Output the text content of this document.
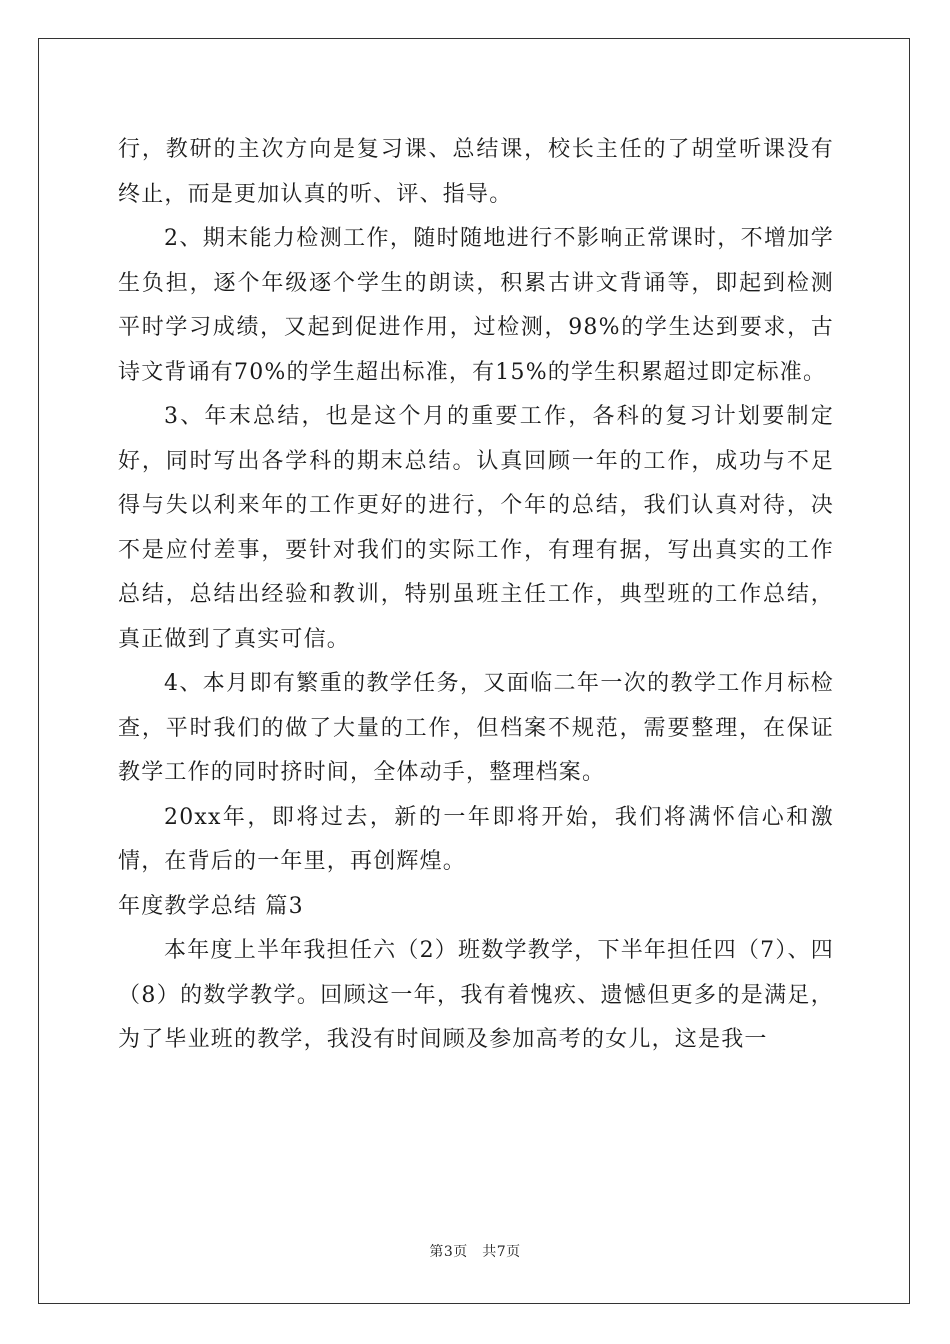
行，教研的主次方向是复习课、总结课，校长主任的了胡堂听课没有终止，而是更加认真的听、评、指导。

2、期末能力检测工作，随时随地进行不影响正常课时，不增加学生负担，逐个年级逐个学生的朗读，积累古讲文背诵等，即起到检测平时学习成绩，又起到促进作用，过检测，98%的学生达到要求，古诗文背诵有70%的学生超出标准，有15%的学生积累超过即定标准。

3、年末总结，也是这个月的重要工作，各科的复习计划要制定好，同时写出各学科的期末总结。认真回顾一年的工作，成功与不足得与失以利来年的工作更好的进行，个年的总结，我们认真对待，决不是应付差事，要针对我们的实际工作，有理有据，写出真实的工作总结，总结出经验和教训，特别虽班主任工作，典型班的工作总结，真正做到了真实可信。

4、本月即有繁重的教学任务，又面临二年一次的教学工作月标检查，平时我们的做了大量的工作，但档案不规范，需要整理，在保证教学工作的同时挤时间，全体动手，整理档案。

20xx年，即将过去，新的一年即将开始，我们将满怀信心和激情，在背后的一年里，再创辉煌。

年度教学总结 篇3

本年度上半年我担任六（2）班数学教学，下半年担任四（7）、四（8）的数学教学。回顾这一年，我有着愧疚、遗憾但更多的是满足，为了毕业班的教学，我没有时间顾及参加高考的女儿，这是我一

第3页　共7页
